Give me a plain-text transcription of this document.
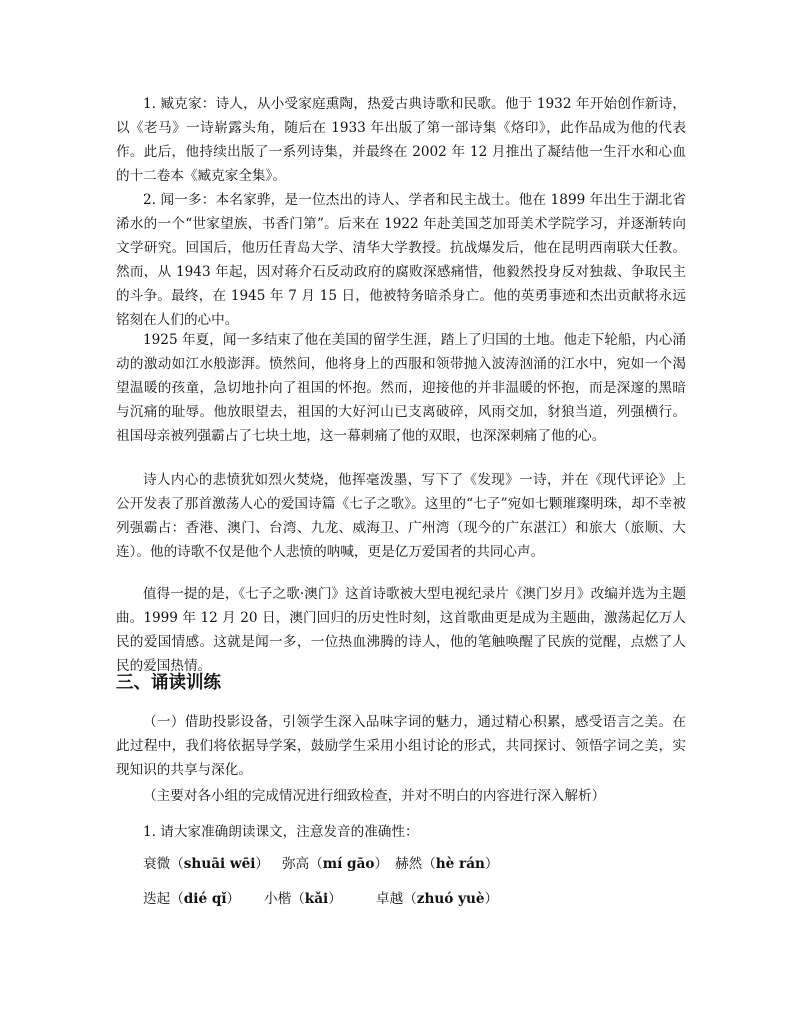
1. 臧克家：诗人，从小受家庭熏陶，热爱古典诗歌和民歌。他于 1932 年开始创作新诗，以《老马》一诗崭露头角，随后在 1933 年出版了第一部诗集《烙印》，此作品成为他的代表作。此后，他持续出版了一系列诗集，并最终在 2002 年 12 月推出了凝结他一生汗水和心血的十二卷本《臧克家全集》。

2. 闻一多：本名家骅，是一位杰出的诗人、学者和民主战士。他在 1899 年出生于湖北省浠水的一个“世家望族，书香门第”。后来在 1922 年赴美国芝加哥美术学院学习，并逐渐转向文学研究。回国后，他历任青岛大学、清华大学教授。抗战爆发后，他在昆明西南联大任教。然而，从 1943 年起，因对蒋介石反动政府的腐败深感痛惜，他毅然投身反对独裁、争取民主的斗争。最终，在 1945 年 7 月 15 日，他被特务暗杀身亡。他的英勇事迹和杰出贡献将永远铭刻在人们的心中。

1925 年夏，闻一多结束了他在美国的留学生涯，踏上了归国的土地。他走下轮船，内心涌动的激动如江水般澎湃。愤然间，他将身上的西服和领带抛入波涛汹涌的江水中，宛如一个渴望温暖的孩童，急切地扑向了祖国的怀抱。然而，迎接他的并非温暖的怀抱，而是深邃的黑暗与沉痛的耻辱。他放眼望去，祖国的大好河山已支离破碎，风雨交加，豺狼当道，列强横行。祖国母亲被列强霸占了七块土地，这一幕刺痛了他的双眼，也深深刺痛了他的心。

诗人内心的悲愤犹如烈火焚烧，他挥毫泼墨，写下了《发现》一诗，并在《现代评论》上公开发表了那首激荡人心的爱国诗篇《七子之歌》。这里的“七子”宛如七颗璀璨明珠，却不幸被列强霸占：香港、澳门、台湾、九龙、威海卫、广州湾（现今的广东湛江）和旅大（旅顺、大连）。他的诗歌不仅是他个人悲愤的呐喊，更是亿万爱国者的共同心声。

值得一提的是，《七子之歌·澳门》这首诗歌被大型电视纪录片《澳门岁月》改编并选为主题曲。1999 年 12 月 20 日，澳门回归的历史性时刻，这首歌曲更是成为主题曲，激荡起亿万人民的爱国情感。这就是闻一多，一位热血沸腾的诗人，他的笔触唤醒了民族的觉醒，点燃了人民的爱国热情。

三、诵读训练

（一）借助投影设备，引领学生深入品味字词的魅力，通过精心积累，感受语言之美。在此过程中，我们将依据导学案，鼓励学生采用小组讨论的形式，共同探讨、领悟字词之美，实现知识的共享与深化。

（主要对各小组的完成情况进行细致检查，并对不明白的内容进行深入解析）

1. 请大家准确朗读课文，注意发音的准确性：

衰微（shuāi wēi） 弥高（mí gāo） 赫然（hè rán）
迭起（dié qǐ） 小楷（kǎi）	卓越（zhuó yuè）
